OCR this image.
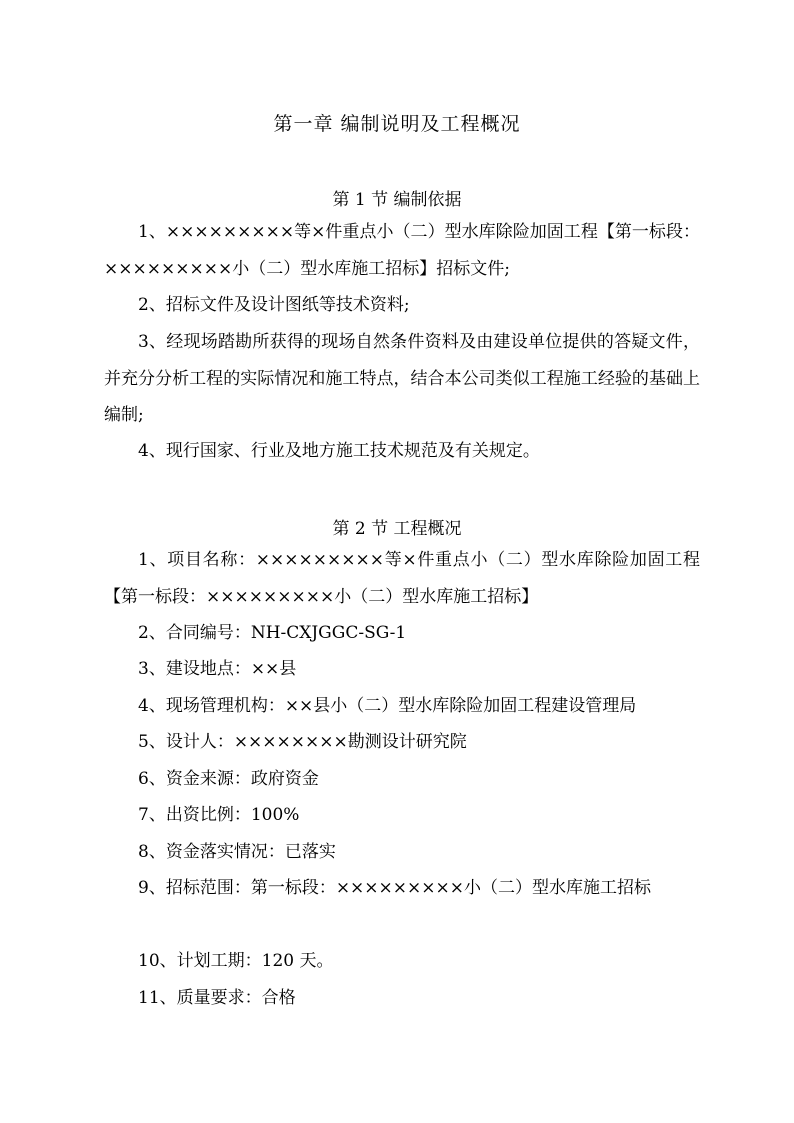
第一章 编制说明及工程概况
第 1 节 编制依据

1、×××××××××等×件重点小（二）型水库除险加固工程【第一标段：×××××××××小（二）型水库施工招标】招标文件;

2、招标文件及设计图纸等技术资料;

3、经现场踏勘所获得的现场自然条件资料及由建设单位提供的答疑文件，并充分分析工程的实际情况和施工特点，结合本公司类似工程施工经验的基础上编制;

4、现行国家、行业及地方施工技术规范及有关规定。

第 2 节 工程概况

1、项目名称：×××××××××等×件重点小（二）型水库除险加固工程【第一标段：×××××××××小（二）型水库施工招标】

2、合同编号：NH-CXJGGC-SG-1

3、建设地点：××县

4、现场管理机构：××县小（二）型水库除险加固工程建设管理局

5、设计人：××××××××勘测设计研究院

6、资金来源：政府资金

7、出资比例：100%

8、资金落实情况：已落实

9、招标范围：第一标段：×××××××××小（二）型水库施工招标

10、计划工期：120 天。

11、质量要求：合格
